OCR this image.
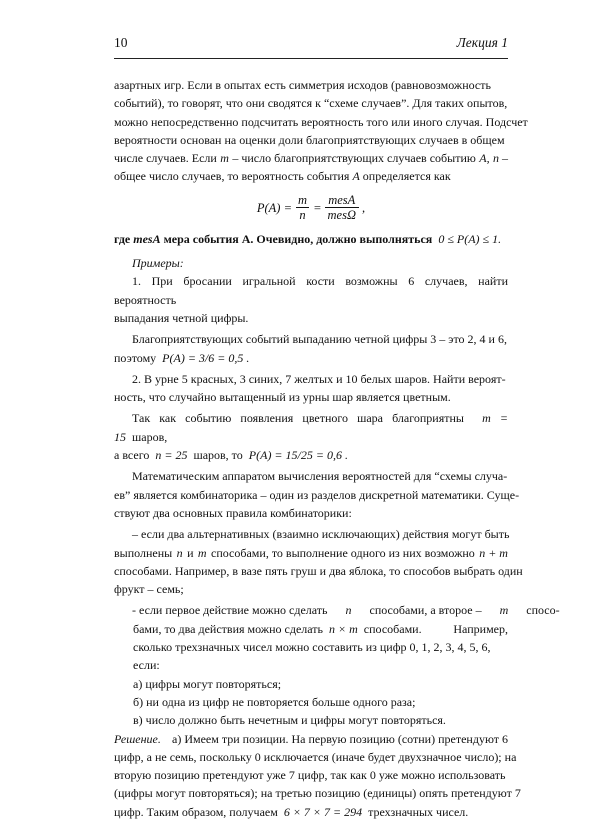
10	Лекция 1

азартных игр. Если в опытах есть симметрия исходов (равновозможность

событий), то говорят, что они сводятся к “схеме случаев”. Для таких опытов,

можно непосредственно подсчитать вероятность того или иного случая. Подсчет

вероятности основан на оценки доли благоприятствующих случаев в общем

числе случаев. Если m – число благоприятствующих случаев событию A, n –

общее число случаев, то вероятность события A определяется как

$P(A) = \frac{m}{n} = \frac{\text{mesA}}{\text{mesΩ}}$ ,

где mesA мера события А. Очевидно, должно выполняться 0 ≤ P(A) ≤ 1.

Примеры:

1. При бросании игральной кости возможны 6 случаев, найти вероятность

выпадания четной цифры.

Благоприятствующих событий выпаданию четной цифры 3 – это 2, 4 и 6,

поэтому P(A) = 3/6 = 0,5 .

2. В урне 5 красных, 3 синих, 7 желтых и 10 белых шаров. Найти вероят-

ность, что случайно вытащенный из урны шар является цветным.

Так как событию появления цветного шара благоприятны m = 15 шаров,

а всего n = 25 шаров, то P(A) = 15/25 = 0,6 .

Математическим аппаратом вычисления вероятностей для “схемы случа-

ев” является комбинаторика – один из разделов дискретной математики. Суще-

ствуют два основных правила комбинаторики:

– если два альтернативных (взаимно исключающих) действия могут быть

выполнены n и m способами, то выполнение одного из них возможно n + m

способами. Например, в вазе пять груш и два яблока, то способов выбрать один

фрукт – семь;

- если первое действие можно сделать	n	способами, а второе –	m	спосо-

бами, то два действия можно сделать n × m способами.	Например,

сколько трехзначных чисел можно составить из цифр 0, 1, 2, 3, 4, 5, 6,

если:

а) цифры могут повторяться;

б) ни одна из цифр не повторяется больше одного раза;

в) число должно быть нечетным и цифры могут повторяться.

Решение. а) Имеем три позиции. На первую позицию (сотни) претендуют 6

цифр, а не семь, поскольку 0 исключается (иначе будет двухзначное число); на

вторую позицию претендуют уже 7 цифр, так как 0 уже можно использовать

(цифры могут повторяться); на третью позицию (единицы) опять претендуют 7

цифр. Таким образом, получаем 6 × 7 × 7 = 294 трехзначных чисел.
